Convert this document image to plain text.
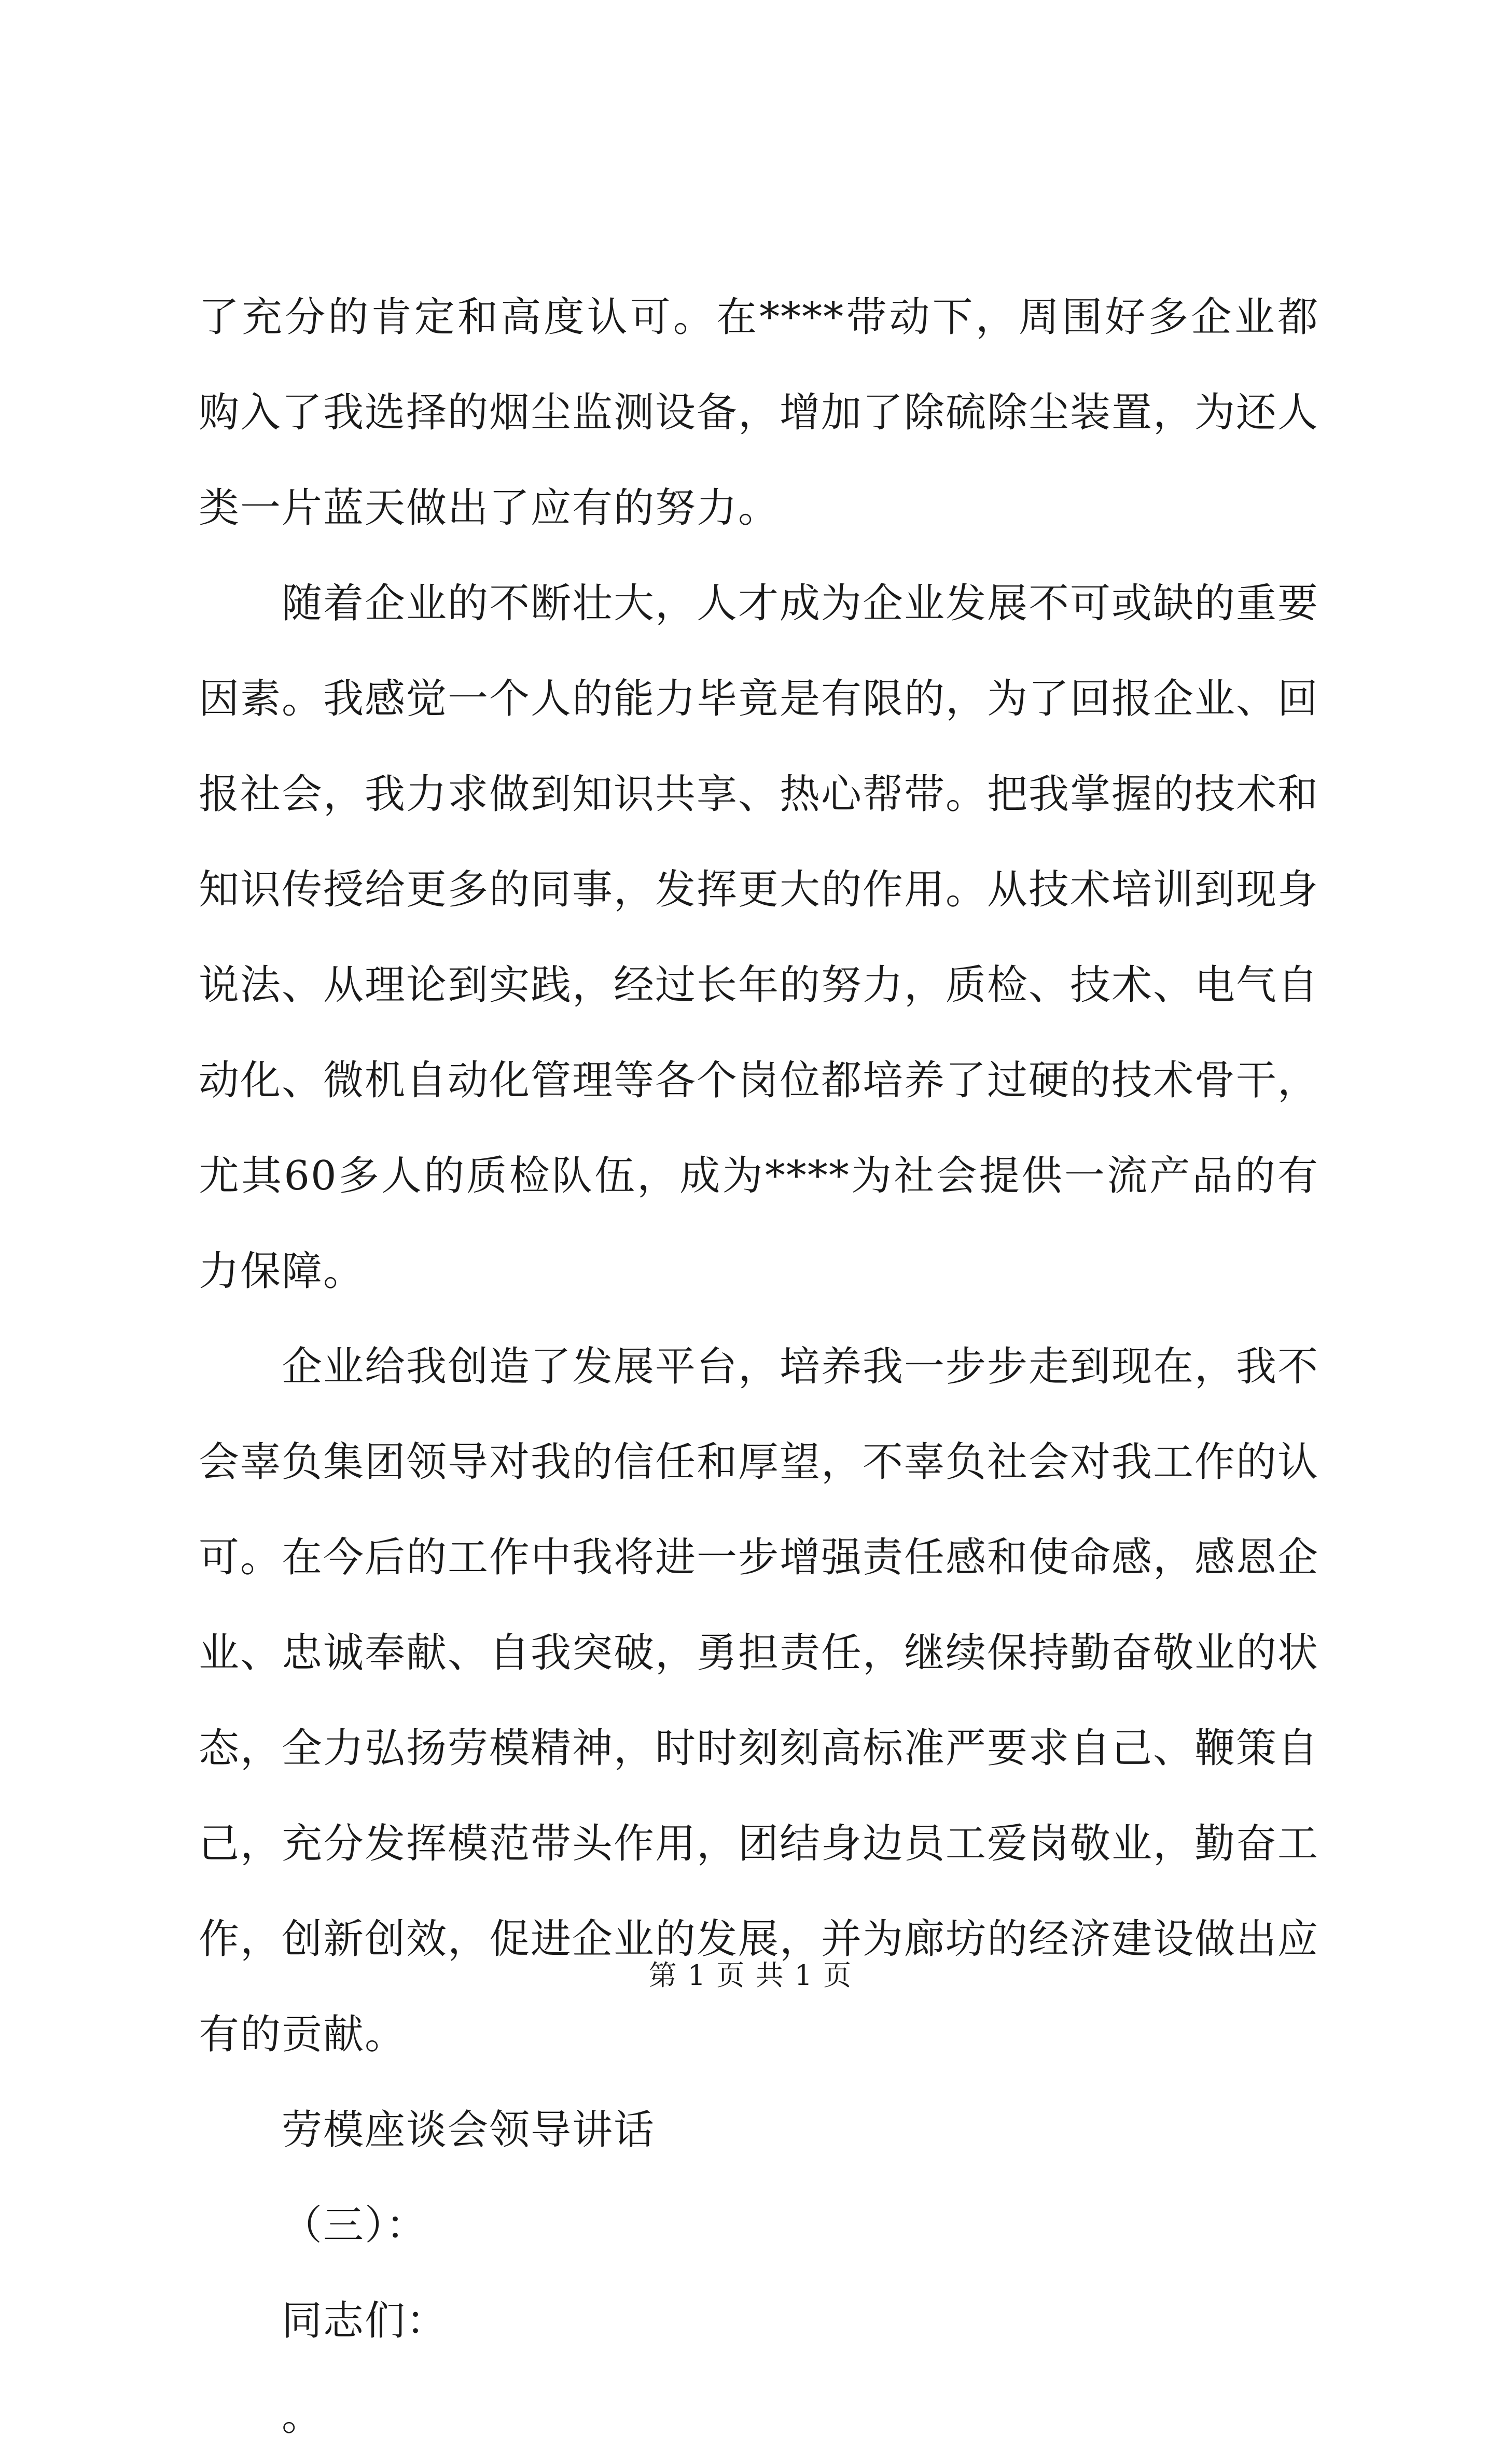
了充分的肯定和高度认可。在****带动下，周围好多企业都购入了我选择的烟尘监测设备，增加了除硫除尘装置，为还人类一片蓝天做出了应有的努力。

随着企业的不断壮大，人才成为企业发展不可或缺的重要因素。我感觉一个人的能力毕竟是有限的，为了回报企业、回报社会，我力求做到知识共享、热心帮带。把我掌握的技术和知识传授给更多的同事，发挥更大的作用。从技术培训到现身说法、从理论到实践，经过长年的努力，质检、技术、电气自动化、微机自动化管理等各个岗位都培养了过硬的技术骨干，尤其60多人的质检队伍，成为****为社会提供一流产品的有力保障。

企业给我创造了发展平台，培养我一步步走到现在，我不会辜负集团领导对我的信任和厚望，不辜负社会对我工作的认可。在今后的工作中我将进一步增强责任感和使命感，感恩企业、忠诚奉献、自我突破，勇担责任，继续保持勤奋敬业的状态，全力弘扬劳模精神，时时刻刻高标准严要求自己、鞭策自己，充分发挥模范带头作用，团结身边员工爱岗敬业，勤奋工作，创新创效，促进企业的发展，并为廊坊的经济建设做出应有的贡献。

劳模座谈会领导讲话

（三）：

同志们：

。

第 1 页 共 1 页
